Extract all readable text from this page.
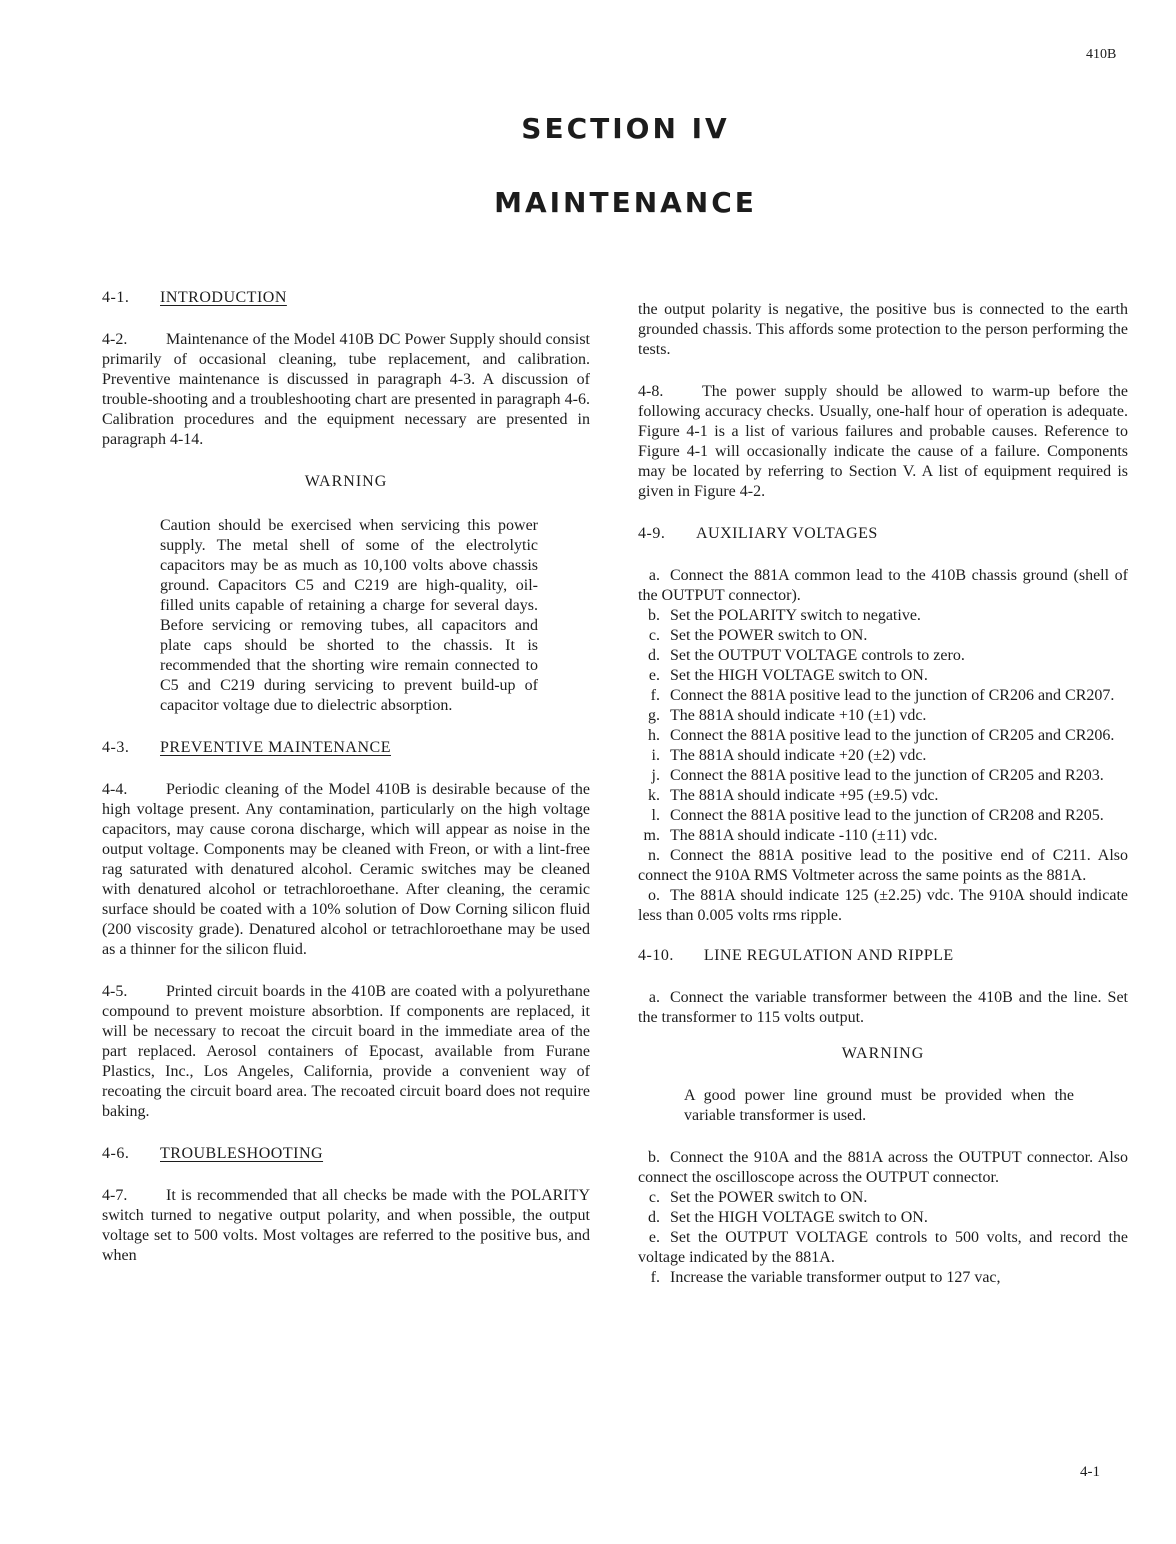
410B
SECTION IV
MAINTENANCE
4-1. INTRODUCTION

4-2. Maintenance of the Model 410B DC Power Supply should consist primarily of occasional cleaning, tube replacement, and calibration. Preventive maintenance is discussed in paragraph 4-3. A discussion of trouble-shooting and a troubleshooting chart are presented in paragraph 4-6. Calibration procedures and the equipment necessary are presented in paragraph 4-14.

WARNING
Caution should be exercised when servicing this power supply. The metal shell of some of the electrolytic capacitors may be as much as 10,100 volts above chassis ground. Capacitors C5 and C219 are high-quality, oil-filled units capable of retaining a charge for several days. Before servicing or removing tubes, all capacitors and plate caps should be shorted to the chassis. It is recommended that the shorting wire remain connected to C5 and C219 during servicing to prevent build-up of capacitor voltage due to dielectric absorption.
4-3. PREVENTIVE MAINTENANCE

4-4. Periodic cleaning of the Model 410B is desirable because of the high voltage present. Any contamination, particularly on the high voltage capacitors, may cause corona discharge, which will appear as noise in the output voltage. Components may be cleaned with Freon, or with a lint-free rag saturated with denatured alcohol. Ceramic switches may be cleaned with denatured alcohol or tetrachloroethane. After cleaning, the ceramic surface should be coated with a 10% solution of Dow Corning silicon fluid (200 viscosity grade). Denatured alcohol or tetrachloroethane may be used as a thinner for the silicon fluid.

4-5. Printed circuit boards in the 410B are coated with a polyurethane compound to prevent moisture absorbtion. If components are replaced, it will be necessary to recoat the circuit board in the immediate area of the part replaced. Aerosol containers of Epocast, available from Furane Plastics, Inc., Los Angeles, California, provide a convenient way of recoating the circuit board area. The recoated circuit board does not require baking.

4-6. TROUBLESHOOTING

4-7. It is recommended that all checks be made with the POLARITY switch turned to negative output polarity, and when possible, the output voltage set to 500 volts. Most voltages are referred to the positive bus, and when

the output polarity is negative, the positive bus is connected to the earth grounded chassis. This affords some protection to the person performing the tests.

4-8. The power supply should be allowed to warm-up before the following accuracy checks. Usually, one-half hour of operation is adequate. Figure 4-1 is a list of various failures and probable causes. Reference to Figure 4-1 will occasionally indicate the cause of a failure. Components may be located by referring to Section V. A list of equipment required is given in Figure 4-2.

4-9. AUXILIARY VOLTAGES

a. Connect the 881A common lead to the 410B chassis ground (shell of the OUTPUT connector).

b. Set the POLARITY switch to negative.

c. Set the POWER switch to ON.

d. Set the OUTPUT VOLTAGE controls to zero.

e. Set the HIGH VOLTAGE switch to ON.

f. Connect the 881A positive lead to the junction of CR206 and CR207.

g. The 881A should indicate +10 (±1) vdc.

h. Connect the 881A positive lead to the junction of CR205 and CR206.

i. The 881A should indicate +20 (±2) vdc.

j. Connect the 881A positive lead to the junction of CR205 and R203.

k. The 881A should indicate +95 (±9.5) vdc.

l. Connect the 881A positive lead to the junction of CR208 and R205.

m. The 881A should indicate -110 (±11) vdc.

n. Connect the 881A positive lead to the positive end of C211. Also connect the 910A RMS Voltmeter across the same points as the 881A.

o. The 881A should indicate 125 (±2.25) vdc. The 910A should indicate less than 0.005 volts rms ripple.

4-10. LINE REGULATION AND RIPPLE

a. Connect the variable transformer between the 410B and the line. Set the transformer to 115 volts output.

WARNING
A good power line ground must be provided when the variable transformer is used.

b. Connect the 910A and the 881A across the OUTPUT connector. Also connect the oscilloscope across the OUTPUT connector.

c. Set the POWER switch to ON.

d. Set the HIGH VOLTAGE switch to ON.

e. Set the OUTPUT VOLTAGE controls to 500 volts, and record the voltage indicated by the 881A.

f. Increase the variable transformer output to 127 vac,

4-1
